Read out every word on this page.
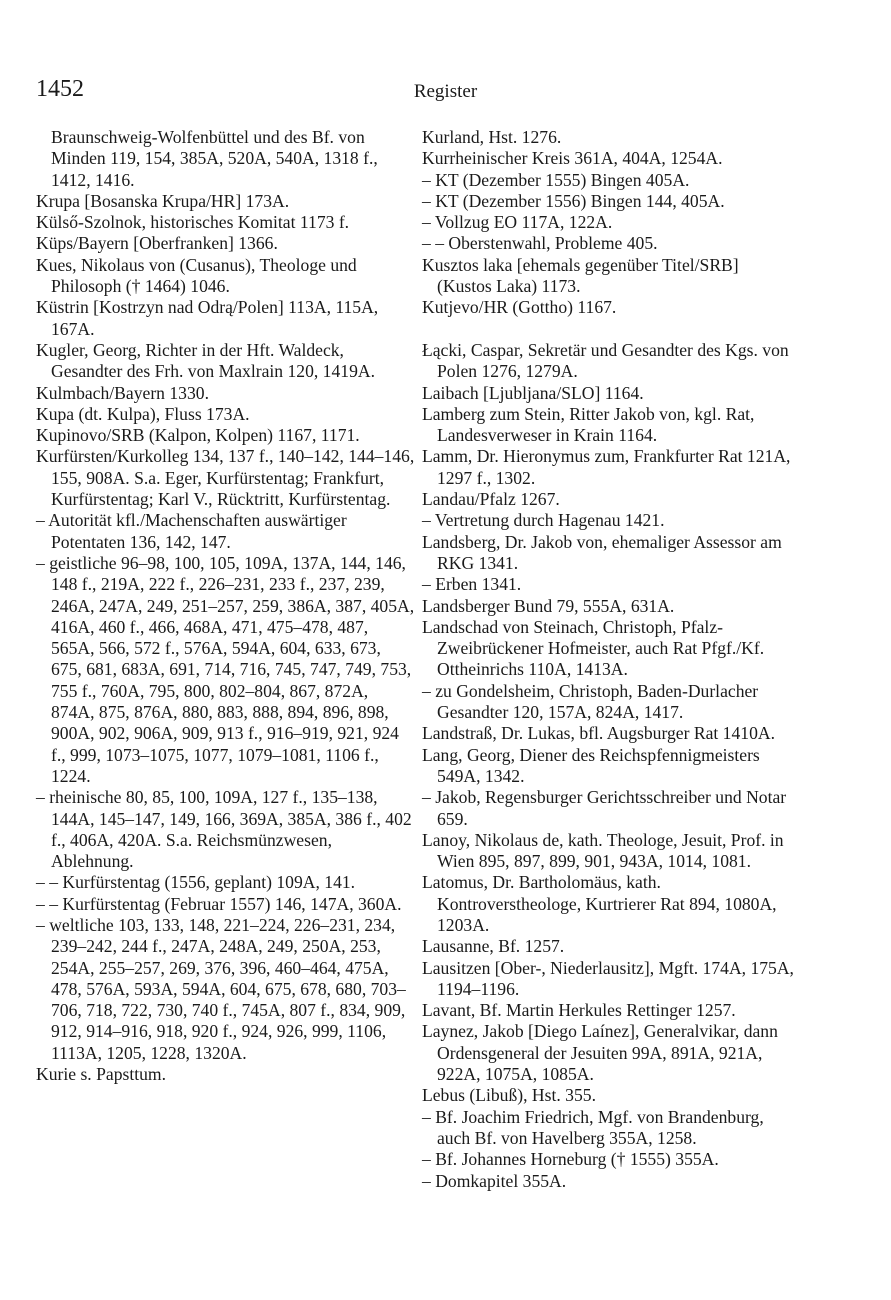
1452	Register
Braunschweig-Wolfenbüttel und des Bf. von Minden 119, 154, 385A, 520A, 540A, 1318 f., 1412, 1416.
Krupa [Bosanska Krupa/HR] 173A.
Külső-Szolnok, historisches Komitat 1173 f.
Küps/Bayern [Oberfranken] 1366.
Kues, Nikolaus von (Cusanus), Theologe und Philosoph († 1464) 1046.
Küstrin [Kostrzyn nad Odrą/Polen] 113A, 115A, 167A.
Kugler, Georg, Richter in der Hft. Waldeck, Gesandter des Frh. von Maxlrain 120, 1419A.
Kulmbach/Bayern 1330.
Kupa (dt. Kulpa), Fluss 173A.
Kupinovo/SRB (Kalpon, Kolpen) 1167, 1171.
Kurfürsten/Kurkolleg 134, 137 f., 140–142, 144–146, 155, 908A. S.a. Eger, Kurfürstentag; Frankfurt, Kurfürstentag; Karl V., Rücktritt, Kurfürstentag.
– Autorität kfl./Machenschaften auswärtiger Potentaten 136, 142, 147.
– geistliche 96–98, 100, 105, 109A, 137A, 144, 146, 148 f., 219A, 222 f., 226–231, 233 f., 237, 239, 246A, 247A, 249, 251–257, 259, 386A, 387, 405A, 416A, 460 f., 466, 468A, 471, 475–478, 487, 565A, 566, 572 f., 576A, 594A, 604, 633, 673, 675, 681, 683A, 691, 714, 716, 745, 747, 749, 753, 755 f., 760A, 795, 800, 802–804, 867, 872A, 874A, 875, 876A, 880, 883, 888, 894, 896, 898, 900A, 902, 906A, 909, 913 f., 916–919, 921, 924 f., 999, 1073–1075, 1077, 1079–1081, 1106 f., 1224.
– rheinische 80, 85, 100, 109A, 127 f., 135–138, 144A, 145–147, 149, 166, 369A, 385A, 386 f., 402 f., 406A, 420A. S.a. Reichsmünzwesen, Ablehnung.
– – Kurfürstentag (1556, geplant) 109A, 141.
– – Kurfürstentag (Februar 1557) 146, 147A, 360A.
– weltliche 103, 133, 148, 221–224, 226–231, 234, 239–242, 244 f., 247A, 248A, 249, 250A, 253, 254A, 255–257, 269, 376, 396, 460–464, 475A, 478, 576A, 593A, 594A, 604, 675, 678, 680, 703–706, 718, 722, 730, 740 f., 745A, 807 f., 834, 909, 912, 914–916, 918, 920 f., 924, 926, 999, 1106, 1113A, 1205, 1228, 1320A.
Kurie s. Papsttum.
Kurland, Hst. 1276.
Kurrheinischer Kreis 361A, 404A, 1254A.
– KT (Dezember 1555) Bingen 405A.
– KT (Dezember 1556) Bingen 144, 405A.
– Vollzug EO 117A, 122A.
– – Oberstenwahl, Probleme 405.
Kusztos laka [ehemals gegenüber Titel/SRB] (Kustos Laka) 1173.
Kutjevo/HR (Gottho) 1167.
Łącki, Caspar, Sekretär und Gesandter des Kgs. von Polen 1276, 1279A.
Laibach [Ljubljana/SLO] 1164.
Lamberg zum Stein, Ritter Jakob von, kgl. Rat, Landesverweser in Krain 1164.
Lamm, Dr. Hieronymus zum, Frankfurter Rat 121A, 1297 f., 1302.
Landau/Pfalz 1267.
– Vertretung durch Hagenau 1421.
Landsberg, Dr. Jakob von, ehemaliger Assessor am RKG 1341.
– Erben 1341.
Landsberger Bund 79, 555A, 631A.
Landschad von Steinach, Christoph, Pfalz-Zweibrückener Hofmeister, auch Rat Pfgf./Kf. Ottheinrichs 110A, 1413A.
– zu Gondelsheim, Christoph, Baden-Durlacher Gesandter 120, 157A, 824A, 1417.
Landstraß, Dr. Lukas, bfl. Augsburger Rat 1410A.
Lang, Georg, Diener des Reichspfennigmeisters 549A, 1342.
– Jakob, Regensburger Gerichtsschreiber und Notar 659.
Lanoy, Nikolaus de, kath. Theologe, Jesuit, Prof. in Wien 895, 897, 899, 901, 943A, 1014, 1081.
Latomus, Dr. Bartholomäus, kath. Kontroverstheologe, Kurtrierer Rat 894, 1080A, 1203A.
Lausanne, Bf. 1257.
Lausitzen [Ober-, Niederlausitz], Mgft. 174A, 175A, 1194–1196.
Lavant, Bf. Martin Herkules Rettinger 1257.
Laynez, Jakob [Diego Laínez], Generalvikar, dann Ordensgeneral der Jesuiten 99A, 891A, 921A, 922A, 1075A, 1085A.
Lebus (Libuß), Hst. 355.
– Bf. Joachim Friedrich, Mgf. von Brandenburg, auch Bf. von Havelberg 355A, 1258.
– Bf. Johannes Horneburg († 1555) 355A.
– Domkapitel 355A.
